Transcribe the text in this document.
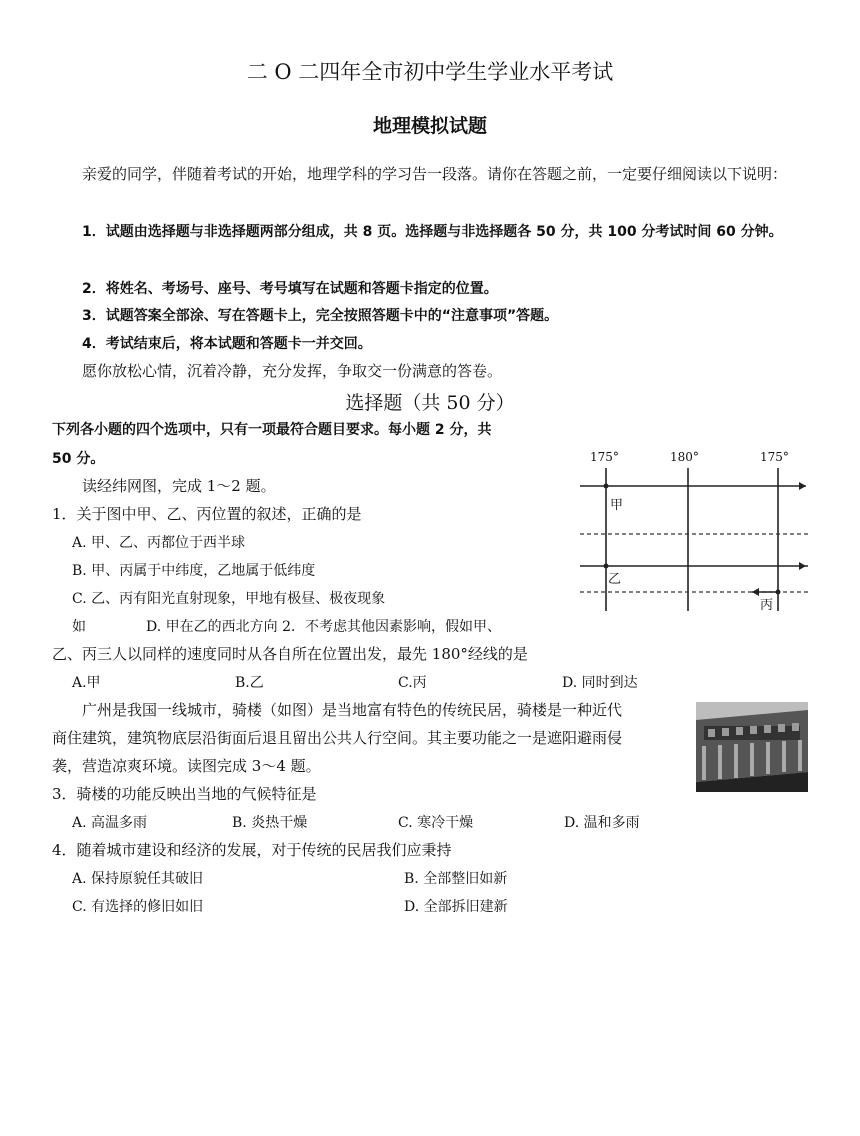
二 O 二四年全市初中学生学业水平考试
地理模拟试题
亲爱的同学，伴随着考试的开始，地理学科的学习告一段落。请你在答题之前，一定要仔细阅读以下说明：
1．试题由选择题与非选择题两部分组成，共 8 页。选择题与非选择题各 50 分，共 100 分考试时间 60 分钟。
2．将姓名、考场号、座号、考号填写在试题和答题卡指定的位置。
3．试题答案全部涂、写在答题卡上，完全按照答题卡中的“注意事项”答题。
4．考试结束后，将本试题和答题卡一并交回。
愿你放松心情，沉着冷静，充分发挥，争取交一份满意的答卷。
选择题（共 50 分）
下列各小题的四个选项中，只有一项最符合题目要求。每小题 2 分，共
50 分。	175°	180°	175°
甲
乙
丙
读经纬网图，完成 1～2 题。
1．关于图中甲、乙、丙位置的叙述，正确的是
A. 甲、乙、丙都位于西半球
B. 甲、丙属于中纬度，乙地属于低纬度
C. 乙、丙有阳光直射现象，甲地有极昼、极夜现象
如	D. 甲在乙的西北方向 2．不考虑其他因素影响，假如甲、
乙、丙三人以同样的速度同时从各自所在位置出发，最先 180°经线的是
A.甲	B.乙	C.丙	D. 同时到达
广州是我国一线城市，骑楼（如图）是当地富有特色的传统民居，骑楼是一种近代
商住建筑，建筑物底层沿街面后退且留出公共人行空间。其主要功能之一是遮阳避雨侵
袭，营造凉爽环境。读图完成 3～4 题。
3．骑楼的功能反映出当地的气候特征是
A. 高温多雨	B. 炎热干燥	C. 寒冷干燥	D. 温和多雨
4．随着城市建设和经济的发展，对于传统的民居我们应秉持
A. 保持原貌任其破旧	B. 全部整旧如新
C. 有选择的修旧如旧	D. 全部拆旧建新
